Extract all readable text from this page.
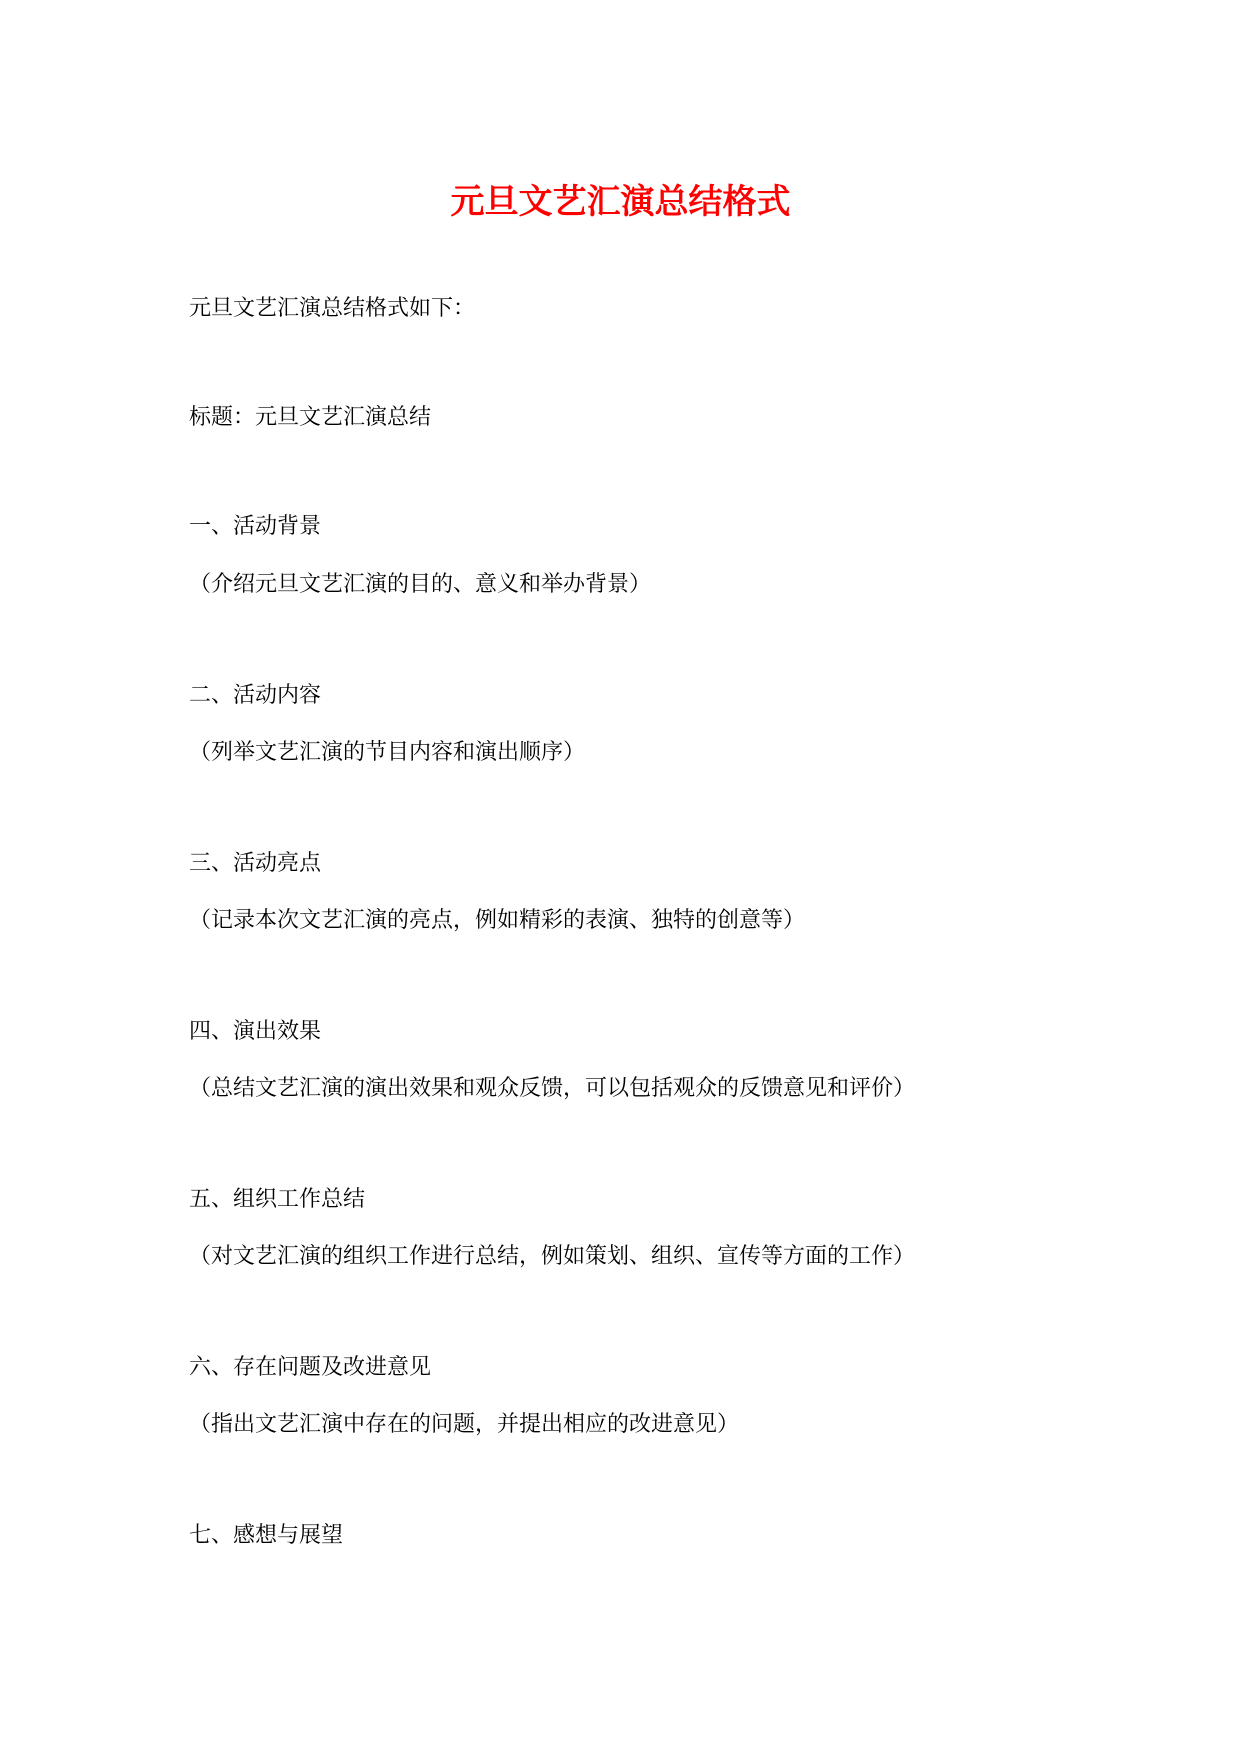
元旦文艺汇演总结格式

元旦文艺汇演总结格式如下：

标题：元旦文艺汇演总结

一、活动背景

（介绍元旦文艺汇演的目的、意义和举办背景）

二、活动内容

（列举文艺汇演的节目内容和演出顺序）

三、活动亮点

（记录本次文艺汇演的亮点，例如精彩的表演、独特的创意等）

四、演出效果

（总结文艺汇演的演出效果和观众反馈，可以包括观众的反馈意见和评价）

五、组织工作总结

（对文艺汇演的组织工作进行总结，例如策划、组织、宣传等方面的工作）

六、存在问题及改进意见

（指出文艺汇演中存在的问题，并提出相应的改进意见）

七、感想与展望
